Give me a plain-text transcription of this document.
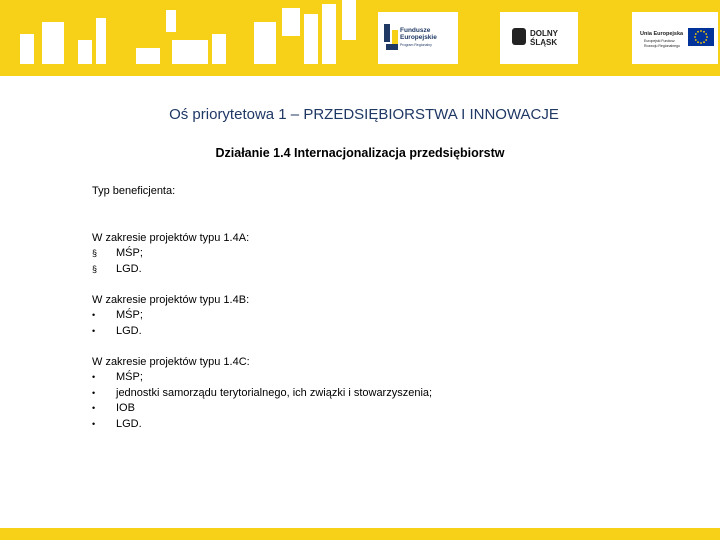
Fundusze
Europejskie
Program Regionalny
DOLNY
ŚLĄSK
Unia Europejska
Europejski Fundusz
Rozwoju Regionalnego
Oś priorytetowa 1 – PRZEDSIĘBIORSTWA I INNOWACJE
Działanie 1.4 Internacjonalizacja przedsiębiorstw

Typ beneficjenta:

W zakresie projektów typu 1.4A:

§ MŚP;
§ LGD.

W zakresie projektów typu 1.4B:

• MŚP;
• LGD.

W zakresie projektów typu 1.4C:

• MŚP;
• jednostki samorządu terytorialnego, ich związki i stowarzyszenia;
• IOB
• LGD.
